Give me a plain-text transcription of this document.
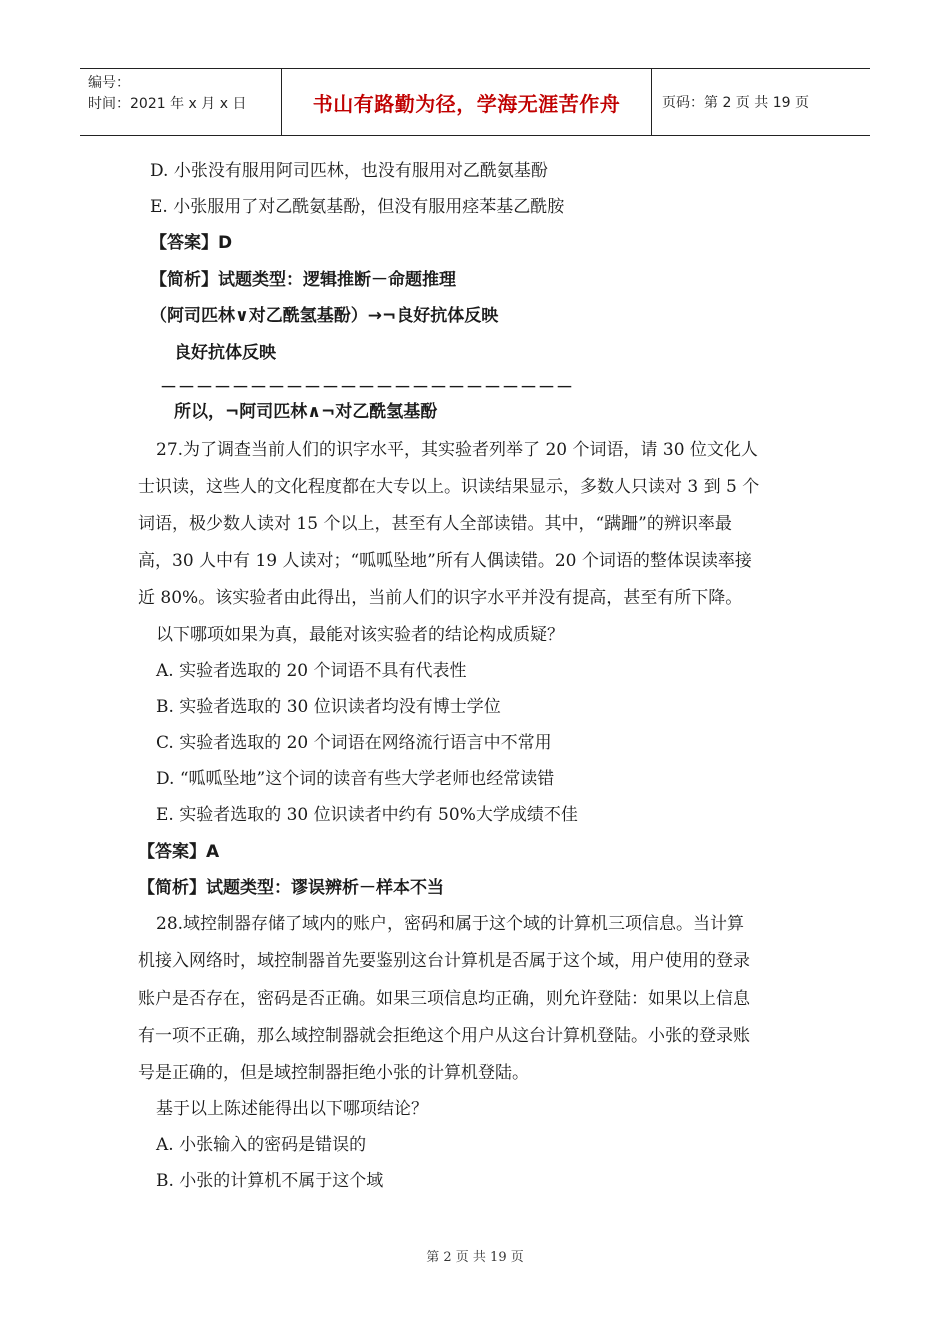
编号：
时间：2021 年 x 月 x 日	书山有路勤为径，学海无涯苦作舟	页码：第 2 页 共 19 页
D. 小张没有服用阿司匹林，也没有服用对乙酰氨基酚
E. 小张服用了对乙酰氨基酚，但没有服用痉苯基乙酰胺
【答案】D
【简析】试题类型：逻辑推断－命题推理
（阿司匹林∨对乙酰氢基酚）→¬良好抗体反映
良好抗体反映
－－－－－－－－－－－－－－－－－－－－－－－
所以，¬阿司匹林∧¬对乙酰氢基酚
27.为了调查当前人们的识字水平，其实验者列举了 20 个词语，请 30 位文化人
士识读，这些人的文化程度都在大专以上。识读结果显示，多数人只读对 3 到 5 个
词语，极少数人读对 15 个以上，甚至有人全部读错。其中，“蹒跚”的辨识率最
高，30 人中有 19 人读对；“呱呱坠地”所有人偶读错。20 个词语的整体误读率接
近 80%。该实验者由此得出，当前人们的识字水平并没有提高，甚至有所下降。
以下哪项如果为真，最能对该实验者的结论构成质疑？
A. 实验者选取的 20 个词语不具有代表性
B. 实验者选取的 30 位识读者均没有博士学位
C. 实验者选取的 20 个词语在网络流行语言中不常用
D. “呱呱坠地”这个词的读音有些大学老师也经常读错
E. 实验者选取的 30 位识读者中约有 50%大学成绩不佳
【答案】A
【简析】试题类型：谬误辨析－样本不当
28.域控制器存储了域内的账户，密码和属于这个域的计算机三项信息。当计算
机接入网络时，域控制器首先要鉴别这台计算机是否属于这个域，用户使用的登录
账户是否存在，密码是否正确。如果三项信息均正确，则允许登陆：如果以上信息
有一项不正确，那么域控制器就会拒绝这个用户从这台计算机登陆。小张的登录账
号是正确的，但是域控制器拒绝小张的计算机登陆。
基于以上陈述能得出以下哪项结论？
A. 小张输入的密码是错误的
B. 小张的计算机不属于这个域
第 2 页 共 19 页
